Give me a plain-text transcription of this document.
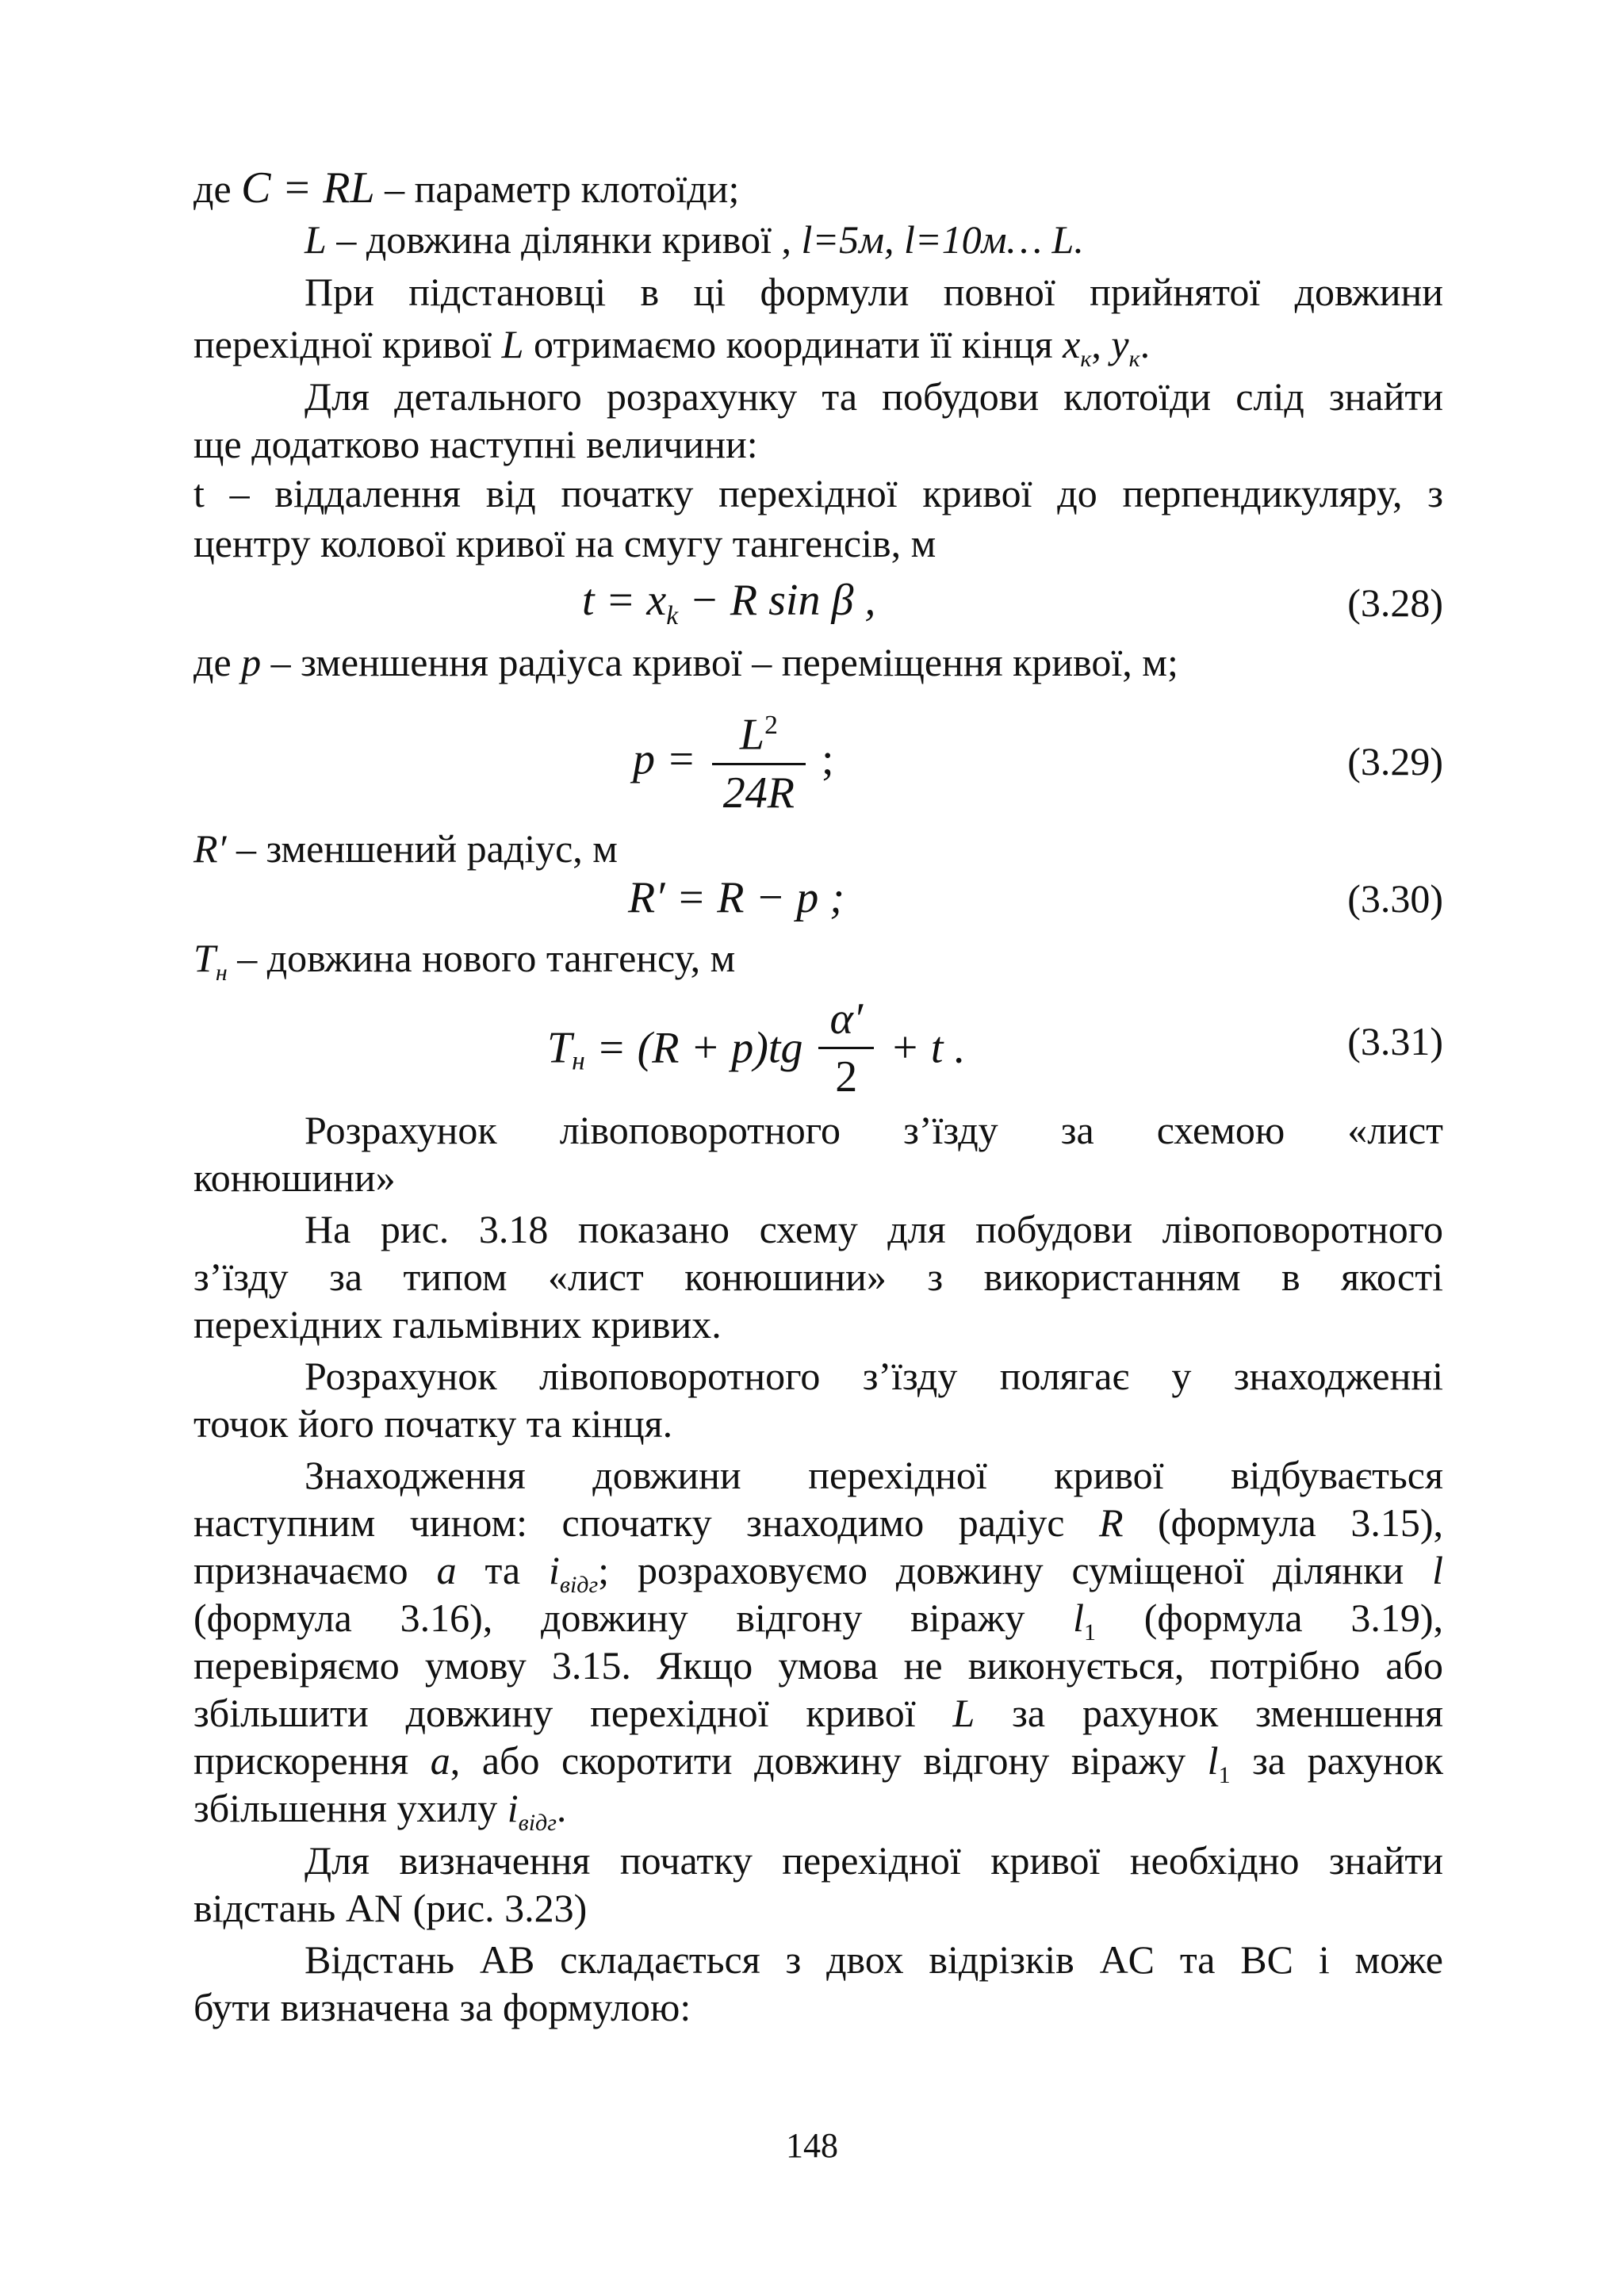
де C = RL – параметр клотоїди;
L – довжина ділянки кривої , l=5м, l=10м… L.
При підстановці в ці формули повної прийнятої довжини
перехідної кривої L отримаємо координати її кінця $x_к$, $y_к$.
Для детального розрахунку та побудови клотоїди слід знайти
ще додатково наступні величини:
t – віддалення від початку перехідної кривої до перпендикуляру, з
центру колової кривої на смугу тангенсів, м
$t = x_k - R$ sin β ,	(3.28)
де p – зменшення радіуса кривої – переміщення кривої, м;
$p = \frac{L^2}{24R}$ ;	(3.29)
R′ – зменшений радіус, м
R′ = R − p ;	(3.30)
$T_н$ – довжина нового тангенсу, м
$T_н = (R + p)tg \frac{\alpha'}{2} + t$ .	(3.31)
Розрахунок лівоповоротного з’їзду за схемою «лист
конюшини»
На рис. 3.18 показано схему для побудови лівоповоротного
з’їзду за типом «лист конюшини» з використанням в якості
перехідних гальмівних кривих.
Розрахунок лівоповоротного з’їзду полягає у знаходженні
точок його початку та кінця.
Знаходження довжини перехідної кривої відбувається
наступним чином: спочатку знаходимо радіус R (формула 3.15),
призначаємо а та $i_{відг}$; розраховуємо довжину суміщеної ділянки l
(формула 3.16), довжину відгону віражу $l_1$ (формула 3.19),
перевіряємо умову 3.15. Якщо умова не виконується, потрібно або
збільшити довжину перехідної кривої L за рахунок зменшення
прискорення а, або скоротити довжину відгону віражу $l_1$ за рахунок
збільшення ухилу $i_{відг}$.
Для визначення початку перехідної кривої необхідно знайти
відстань AN (рис. 3.23)
Відстань AB складається з двох відрізків AC та BC і може
бути визначена за формулою:
148
